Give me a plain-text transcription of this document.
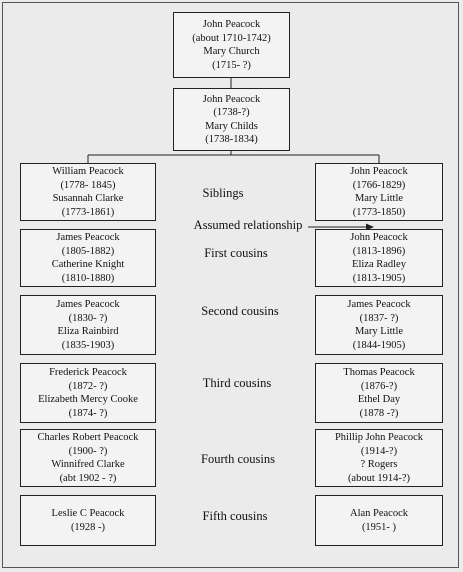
John Peacock
(about 1710-1742)
Mary Church
(1715- ?)
John Peacock
(1738-?)
Mary Childs
(1738-1834)
William Peacock
(1778- 1845)
Susannah Clarke
(1773-1861)
James Peacock
(1805-1882)
Catherine Knight
(1810-1880)
James Peacock
(1830- ?)
Eliza Rainbird
(1835-1903)
Frederick Peacock
(1872- ?)
Elizabeth Mercy Cooke
(1874- ?)
Charles Robert Peacock
(1900- ?)
Winnifred Clarke
(abt 1902 - ?)
Leslie C Peacock
(1928 -)
John Peacock
(1766-1829)
Mary Little
(1773-1850)
John Peacock
(1813-1896)
Eliza Radley
(1813-1905)
James Peacock
(1837- ?)
Mary Little
(1844-1905)
Thomas Peacock
(1876-?)
Ethel Day
(1878 -?)
Phillip John Peacock
(1914-?)
? Rogers
(about 1914-?)
Alan Peacock
(1951- )
Siblings
Assumed relationship
First cousins
Second cousins
Third cousins
Fourth cousins
Fifth cousins
